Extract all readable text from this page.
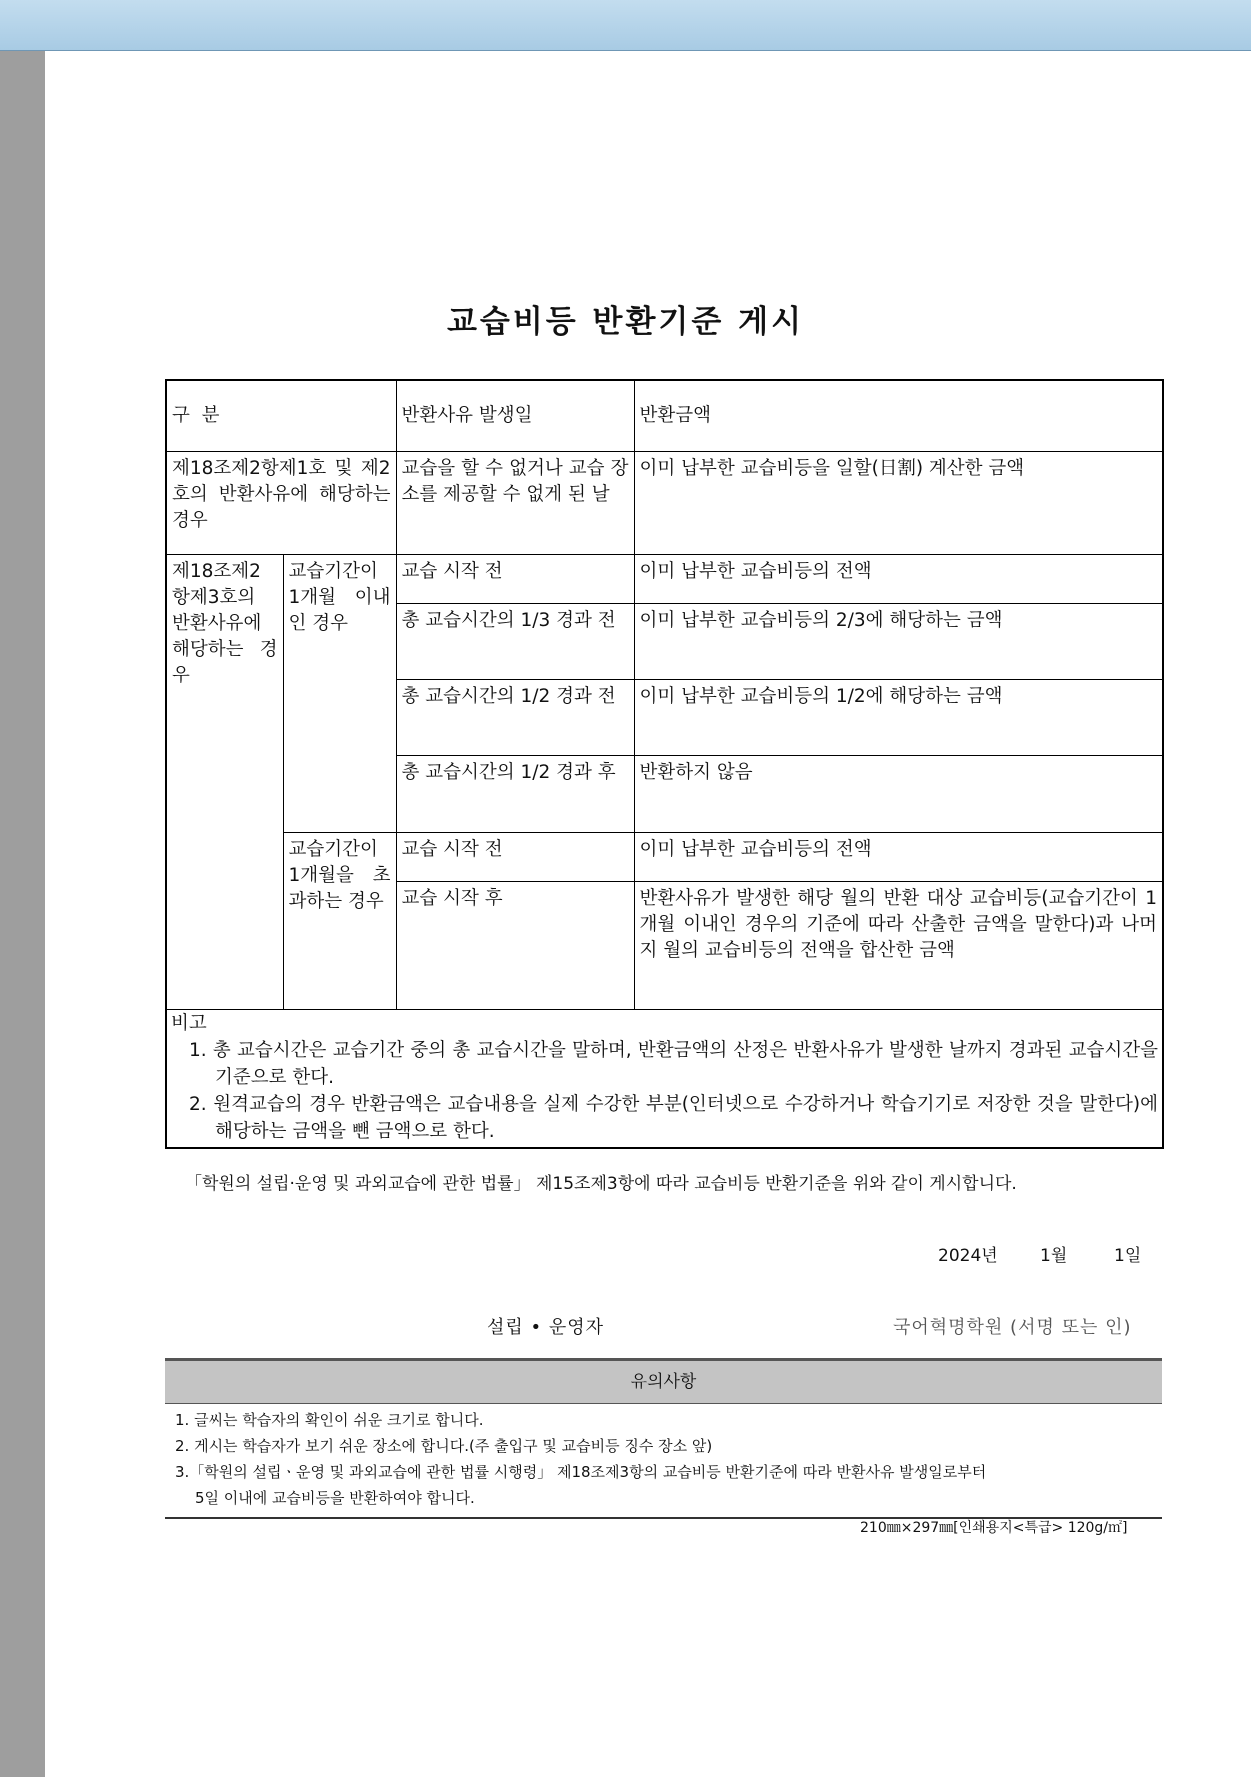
교습비등 반환기준 게시
구  분		반환사유 발생일	반환금액
제18조제2항제1호 및 제2호의 반환사유에 해당하는 경우		교습을 할 수 없거나 교습 장소를 제공할 수 없게 된 날	이미 납부한 교습비등을 일할(日割) 계산한 금액
제18조제2항제3호의 반환사유에 해당하는 경우	교습기간이 1개월 이내인 경우	교습 시작 전	이미 납부한 교습비등의 전액
		총 교습시간의 1/3 경과 전	이미 납부한 교습비등의 2/3에 해당하는 금액
		총 교습시간의 1/2 경과 전	이미 납부한 교습비등의 1/2에 해당하는 금액
		총 교습시간의 1/2 경과 후	반환하지 않음
	교습기간이 1개월을 초과하는 경우	교습 시작 전	이미 납부한 교습비등의 전액
		교습 시작 후	반환사유가 발생한 해당 월의 반환 대상 교습비등(교습기간이 1개월 이내인 경우의 기준에 따라 산출한 금액을 말한다)과 나머지 월의 교습비등의 전액을 합산한 금액

비고
1. 총 교습시간은 교습기간 중의 총 교습시간을 말하며, 반환금액의 산정은 반환사유가 발생한 날까지 경과된 교습시간을 기준으로 한다.
2. 원격교습의 경우 반환금액은 교습내용을 실제 수강한 부분(인터넷으로 수강하거나 학습기기로 저장한 것을 말한다)에 해당하는 금액을 뺀 금액으로 한다.			
「학원의 설립·운영 및 과외교습에 관한 법률」 제15조제3항에 따라 교습비등 반환기준을 위와 같이 게시합니다.
2024년 1월	1일
설립 • 운영자	국어혁명학원 (서명 또는 인)
유의사항
1. 글씨는 학습자의 확인이 쉬운 크기로 합니다.
2. 게시는 학습자가 보기 쉬운 장소에 합니다.(주 출입구 및 교습비등 징수 장소 앞)
3.「학원의 설립ㆍ운영 및 과외교습에 관한 법률 시행령」 제18조제3항의 교습비등 반환기준에 따라 반환사유 발생일로부터
5일 이내에 교습비등을 반환하여야 합니다.
210㎜×297㎜[인쇄용지<특급> 120g/㎡]
